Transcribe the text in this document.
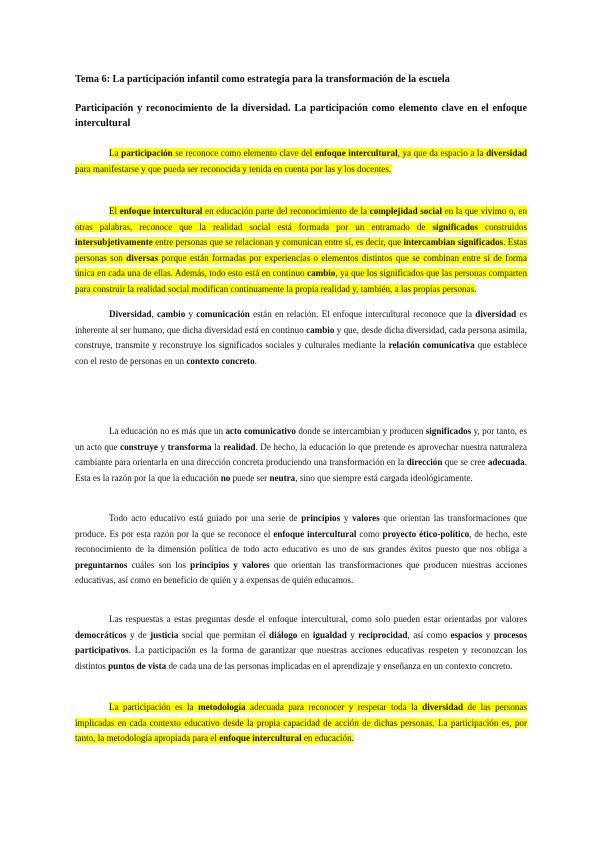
Tema 6: La participación infantil como estrategia para la transformación de la escuela
Participación y reconocimiento de la diversidad. La participación como elemento clave en el enfoque intercultural
La participación se reconoce como elemento clave del enfoque intercultural, ya que da espacio a la diversidad para manifestarse y que pueda ser reconocida y tenida en cuenta por las y los docentes.
El enfoque intercultural en educación parte del reconocimiento de la complejidad social en la que vivimo o, en otras palabras, reconoce que la realidad social está formada por un entramado de significados construidos intersubjetivamente entre personas que se relacionan y comunican entre sí, es decir, que intercambian significados. Estas personas son diversas porque están formadas por experiencias o elementos distintos que se combinan entre sí de forma única en cada una de ellas. Además, todo esto está en continuo cambio, ya que los significados que las personas comparten para construir la realidad social modifican continuamente la propia realidad y, también, a las propias personas.
Diversidad, cambio y comunicación están en relación. El enfoque intercultural reconoce que la diversidad es inherente al ser humano, que dicha diversidad está en continuo cambio y que, desde dicha diversidad, cada persona asimila, construye, transmite y reconstruye los significados sociales y culturales mediante la relación comunicativa que establece con el resto de personas en un contexto concreto.
La educación no es más que un acto comunicativo donde se intercambian y producen significados y, por tanto, es un acto que construye y transforma la realidad. De hecho, la educación lo que pretende es aprovechar nuestra naturaleza cambiante para orientarla en una dirección concreta produciendo una transformación en la dirección que se cree adecuada. Esta es la razón por la que la educación no puede ser neutra, sino que siempre está cargada ideológicamente.
Todo acto educativo está guiado por una serie de principios y valores que orientan las transformaciones que produce. Es por esta razón por la que se reconoce el enfoque intercultural como proyecto ético-político, de hecho, este reconocimiento de la dimensión política de todo acto educativo es uno de sus grandes éxitos puesto que nos obliga a preguntarnos cuáles son los principios y valores que orientan las transformaciones que producen nuestras acciones educativas, así como en beneficio de quién y a expensas de quién educamos.
Las respuestas a estas preguntas desde el enfoque intercultural, como solo pueden estar orientadas por valores democráticos y de justicia social que permitan el diálogo en igualdad y reciprocidad, así como espacios y procesos participativos. La participación es la forma de garantizar que nuestras acciones educativas respeten y reconozcan los distintos puntos de vista de cada una de las personas implicadas en el aprendizaje y enseñanza en un contexto concreto.
La participación es la metodología adecuada para reconocer y respetar toda la diversidad de las personas implicadas en cada contexto educativo desde la propia capacidad de acción de dichas personas. La participación es, por tanto, la metodología apropiada para el enfoque intercultural en educación.
